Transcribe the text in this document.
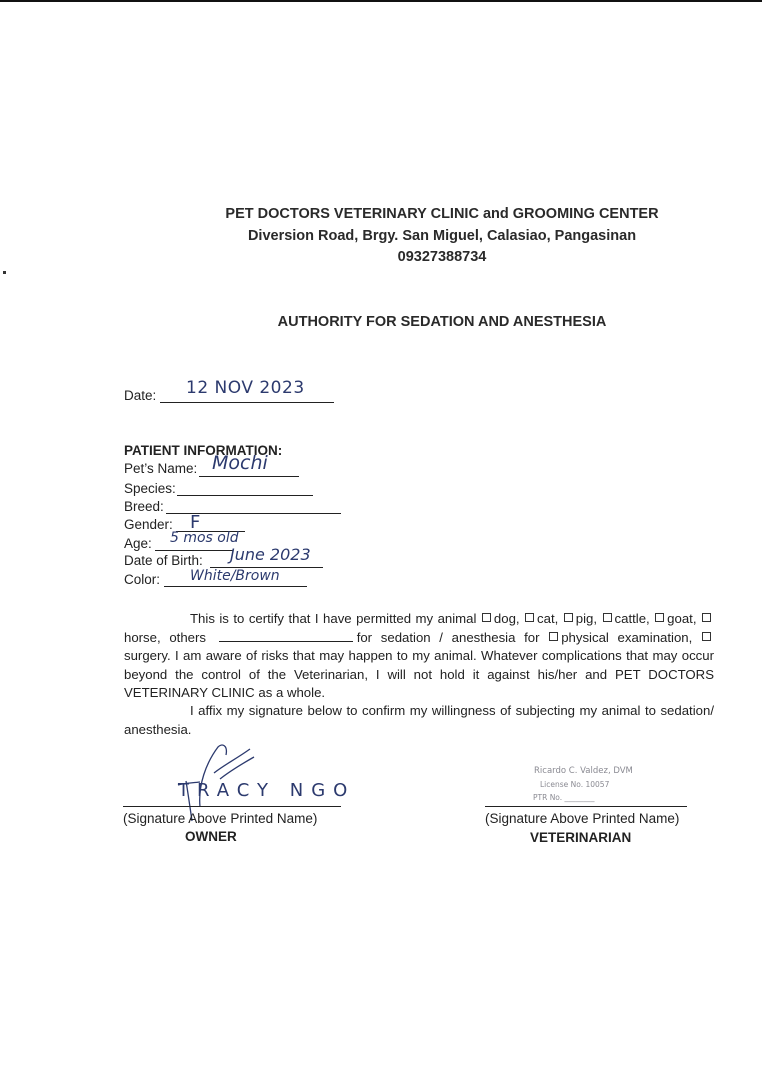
PET DOCTORS VETERINARY CLINIC and GROOMING CENTER
Diversion Road, Brgy. San Miguel, Calasiao, Pangasinan
09327388734
AUTHORITY FOR SEDATION AND ANESTHESIA
Date: 12 NOV 2023
PATIENT INFORMATION:
Pet’s Name: Mochi
Species:
Breed:
Gender: F
Age: 5 mos old
Date of Birth: June 2023
Color: White/Brown
This is to certify that I have permitted my animal dog, cat, pig, cattle, goat, horse, others	for sedation / anesthesia for physical examination, surgery. I am aware of risks that may happen to my animal. Whatever complications that may occur beyond the control of the Veterinarian, I will not hold it against his/her and PET DOCTORS VETERINARY CLINIC as a whole.
I affix my signature below to confirm my willingness of subjecting my animal to sedation/ anesthesia.
TRACY NGO
(Signature Above Printed Name)
OWNER
Ricardo C. Valdez, DVM
License No. 10057
PTR No. ________
(Signature Above Printed Name)
VETERINARIAN
